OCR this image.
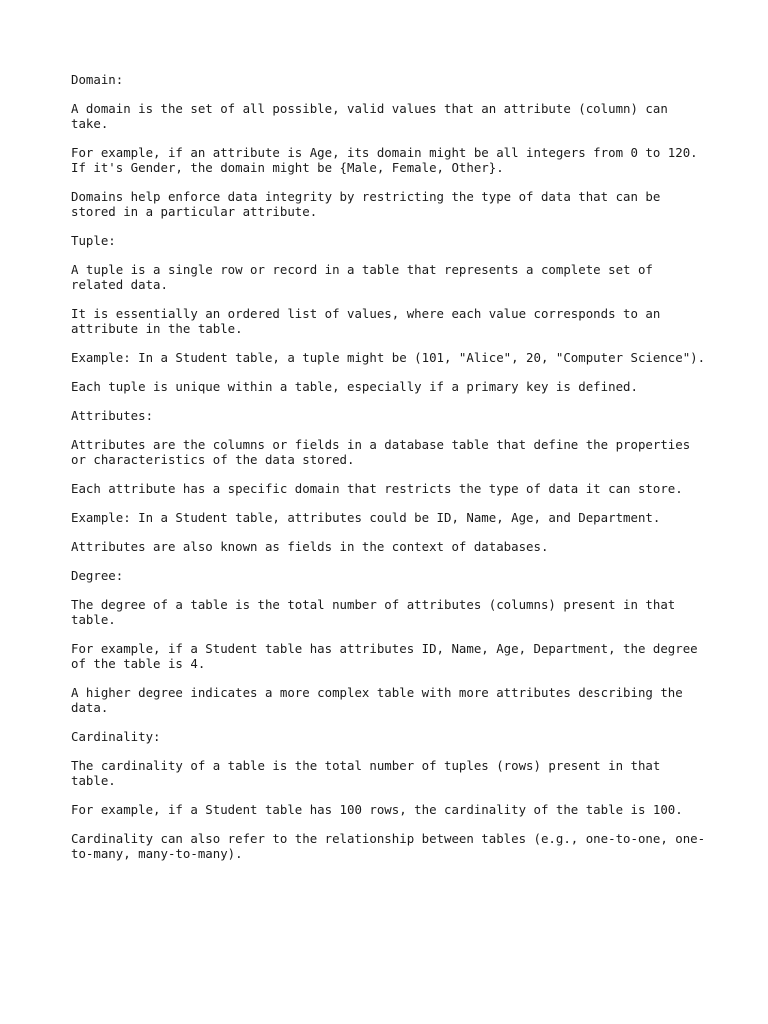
Domain:

A domain is the set of all possible, valid values that an attribute (column) can take.

For example, if an attribute is Age, its domain might be all integers from 0 to 120. If it's Gender, the domain might be {Male, Female, Other}.

Domains help enforce data integrity by restricting the type of data that can be stored in a particular attribute.

Tuple:

A tuple is a single row or record in a table that represents a complete set of related data.

It is essentially an ordered list of values, where each value corresponds to an attribute in the table.

Example: In a Student table, a tuple might be (101, "Alice", 20, "Computer Science").

Each tuple is unique within a table, especially if a primary key is defined.

Attributes:

Attributes are the columns or fields in a database table that define the properties or characteristics of the data stored.

Each attribute has a specific domain that restricts the type of data it can store.

Example: In a Student table, attributes could be ID, Name, Age, and Department.

Attributes are also known as fields in the context of databases.

Degree:

The degree of a table is the total number of attributes (columns) present in that table.

For example, if a Student table has attributes ID, Name, Age, Department, the degree of the table is 4.

A higher degree indicates a more complex table with more attributes describing the data.

Cardinality:

The cardinality of a table is the total number of tuples (rows) present in that table.

For example, if a Student table has 100 rows, the cardinality of the table is 100.

Cardinality can also refer to the relationship between tables (e.g., one-to-one, one-to-many, many-to-many).
